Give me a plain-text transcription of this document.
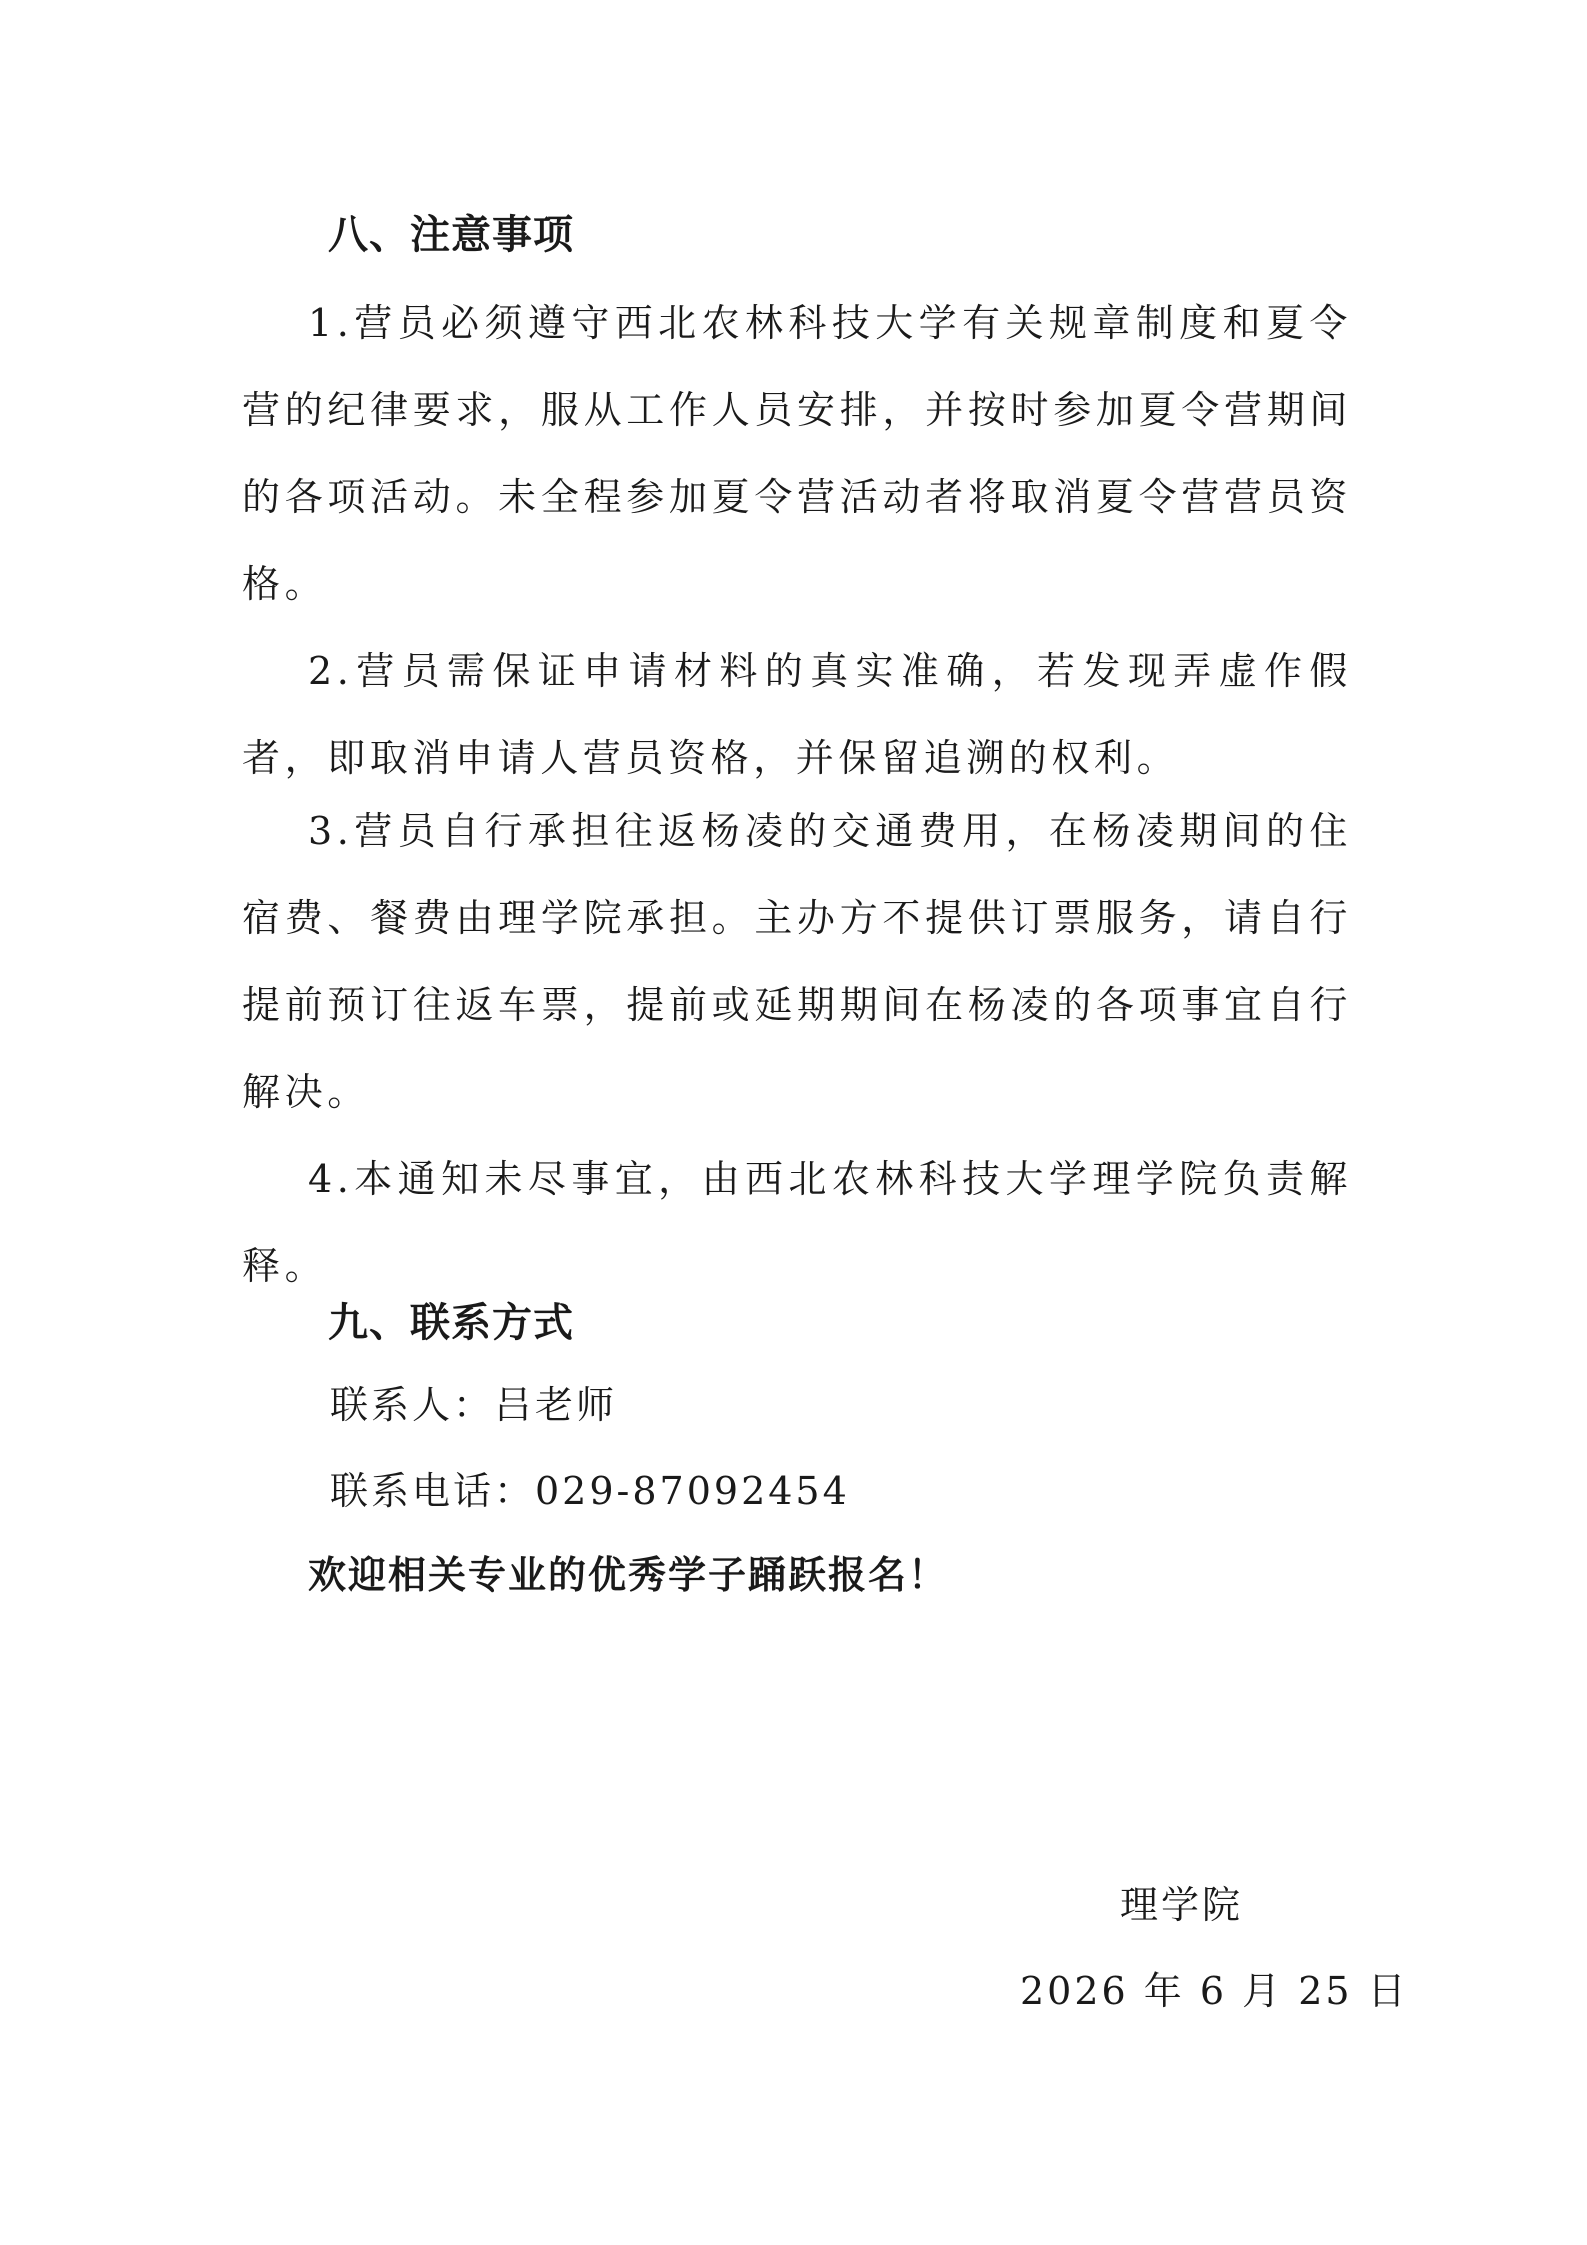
八、注意事项

1.营员必须遵守西北农林科技大学有关规章制度和夏令营的纪律要求，服从工作人员安排，并按时参加夏令营期间的各项活动。未全程参加夏令营活动者将取消夏令营营员资格。

2.营员需保证申请材料的真实准确，若发现弄虚作假者，即取消申请人营员资格，并保留追溯的权利。

3.营员自行承担往返杨凌的交通费用，在杨凌期间的住宿费、餐费由理学院承担。主办方不提供订票服务，请自行提前预订往返车票，提前或延期期间在杨凌的各项事宜自行解决。

4.本通知未尽事宜，由西北农林科技大学理学院负责解释。

九、联系方式
联系人：吕老师
联系电话：029-87092454
欢迎相关专业的优秀学子踊跃报名！
理学院
2026 年 6 月 25 日
